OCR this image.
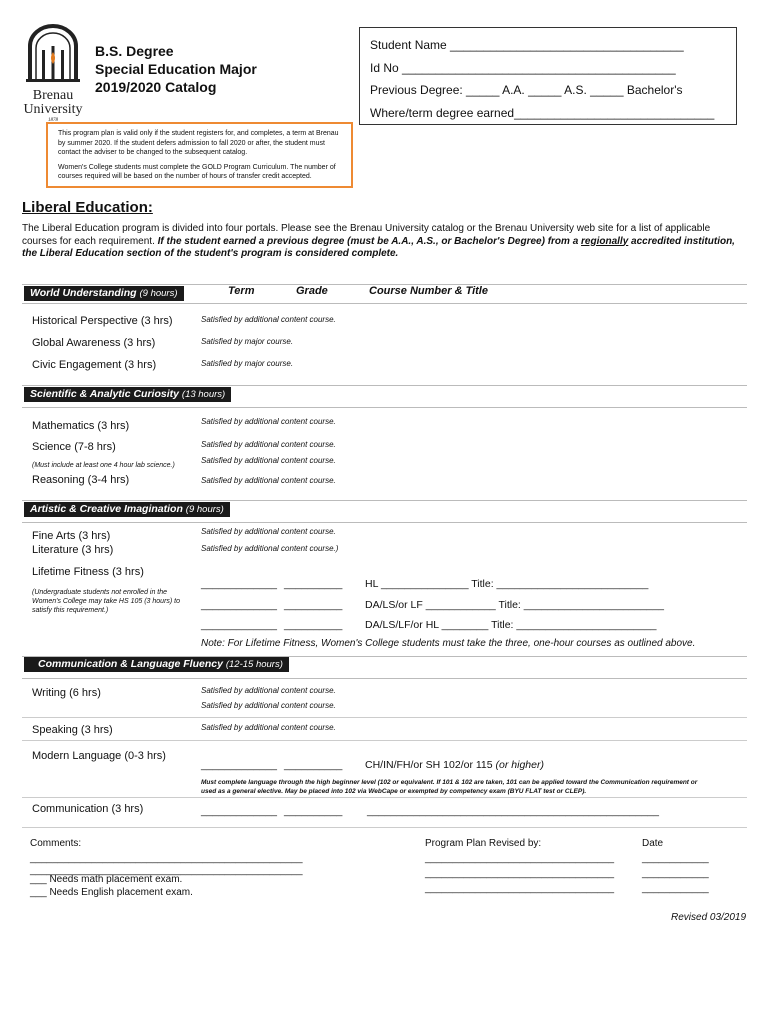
Brenau
University
1878
B.S. Degree
Special Education Major
2019/2020 Catalog
Student Name ___________________________________
Id No _________________________________________
Previous Degree: _____ A.A. _____ A.S. _____ Bachelor's
Where/term degree earned______________________________

This program plan is valid only if the student registers for, and completes, a term at Brenau by summer 2020. If the student defers admission to fall 2020 or after, the student must contact the adviser to be changed to the subsequent catalog.

Women's College students must complete the GOLD Program Curriculum. The number of courses required will be based on the number of hours of transfer credit accepted.

Liberal Education:
The Liberal Education program is divided into four portals. Please see the Brenau University catalog or the Brenau University web site for a list of applicable courses for each requirement. If the student earned a previous degree (must be A.A., A.S., or Bachelor's Degree) from a regionally accredited institution, the Liberal Education section of the student's program is considered complete.
World Understanding (9 hours)	Term	Grade	Course Number & Title
Historical Perspective (3 hrs)	Satisfied by additional content course.
Global Awareness (3 hrs)	Satisfied by major course.
Civic Engagement (3 hrs)	Satisfied by major course.
Scientific & Analytic Curiosity (13 hours)
Mathematics (3 hrs)	Satisfied by additional content course.
Science (7-8 hrs)	Satisfied by additional content course.
(Must include at least one 4 hour lab science.)
Satisfied by additional content course.
Reasoning (3-4 hrs)	Satisfied by additional content course.
Artistic & Creative Imagination (9 hours)
Fine Arts (3 hrs)	Satisfied by additional content course.
Literature (3 hrs)	Satisfied by additional content course.)
Lifetime Fitness (3 hrs)
(Undergraduate students not enrolled in the Women's College may take HS 105 (3 hours) to satisfy this requirement.)
_____________ __________ HL _______________ Title: __________________________
_____________ __________ DA/LS/or LF ____________ Title: ________________________
_____________ __________ DA/LS/LF/or HL ________ Title: ________________________
Note: For Lifetime Fitness, Women's College students must take the three, one-hour courses as outlined above.
Communication & Language Fluency (12-15 hours)
Writing (6 hrs)	Satisfied by additional content course.
Satisfied by additional content course.
Speaking (3 hrs)	Satisfied by additional content course.
Modern Language (0-3 hrs)
_____________ __________ CH/IN/FH/or SH 102/or 115 (or higher)
Must complete language through the high beginner level (102 or equivalent. If 101 & 102 are taken, 101 can be applied toward the Communication requirement or used as a general elective. May be placed into 102 via WebCape or exempted by competency exam (BYU FLAT test or CLEP).
Communication (3 hrs)	_____________ __________ __________________________________________________
Comments:
_________________________________________________
_________________________________________________
___ Needs math placement exam.
___ Needs English placement exam.
Program Plan Revised by:	Date
__________________________________	____________
__________________________________	____________
__________________________________	____________
Revised 03/2019
